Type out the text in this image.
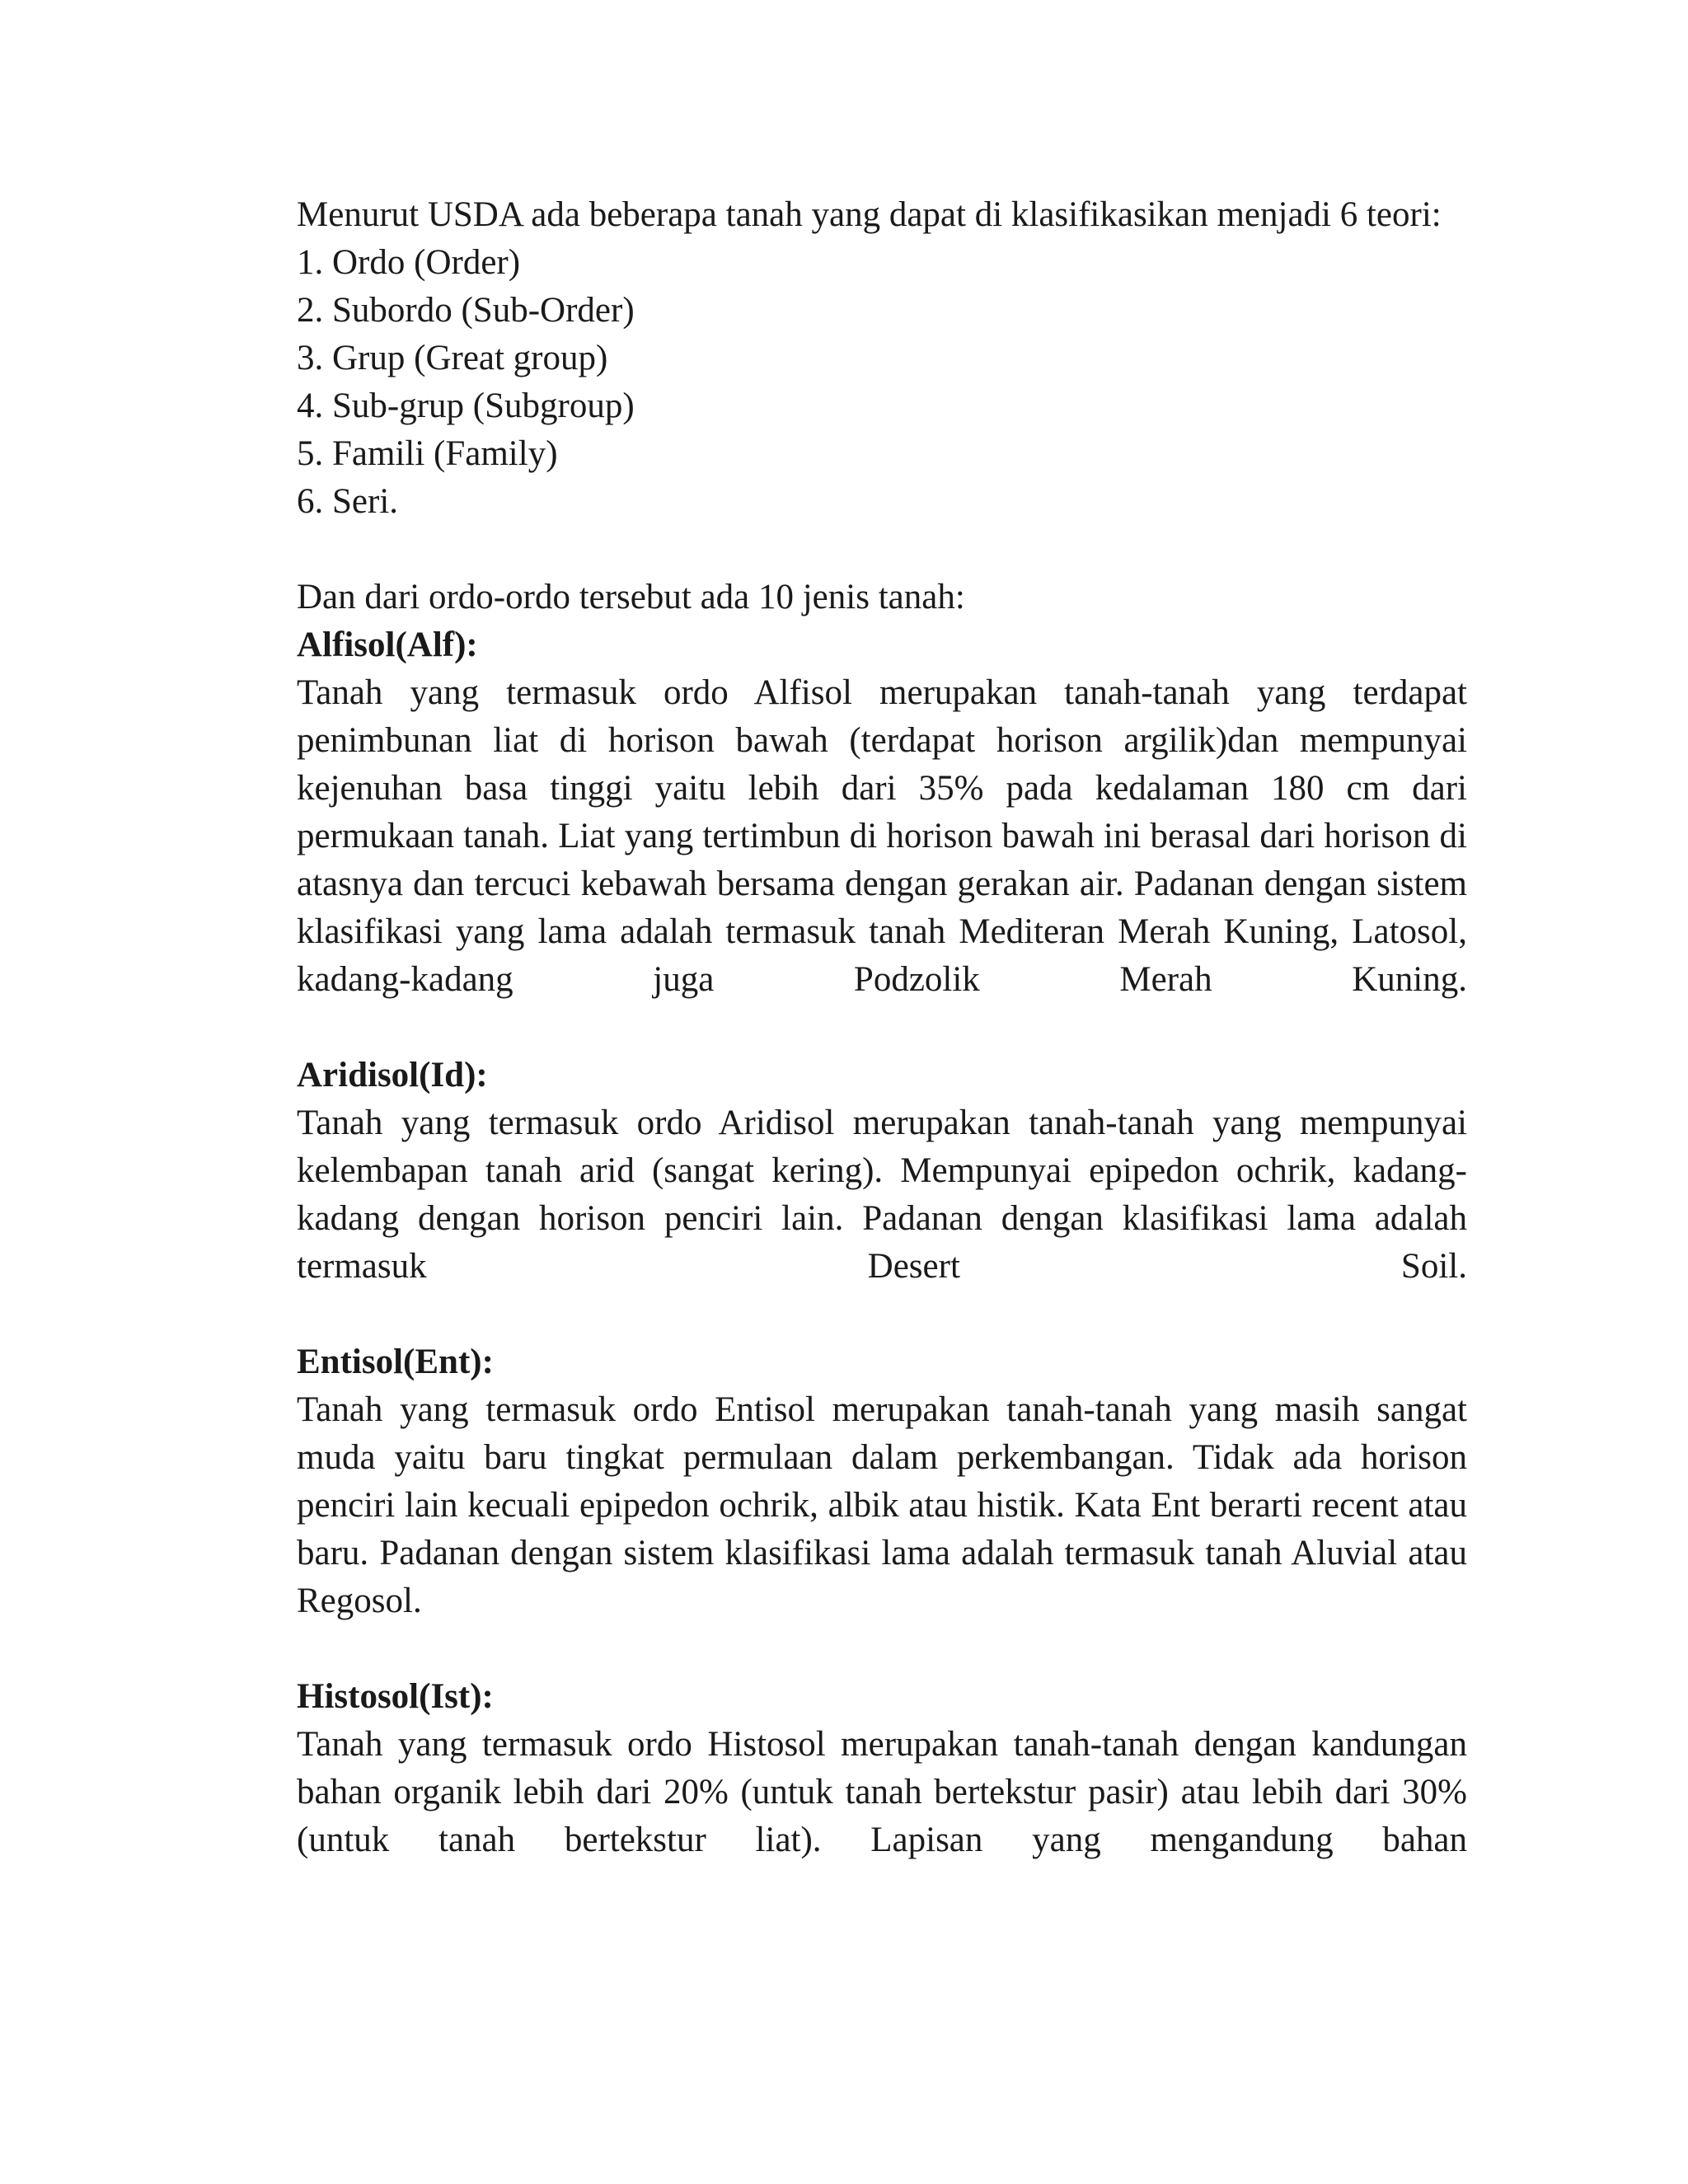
Menurut USDA ada beberapa tanah yang dapat di klasifikasikan menjadi 6 teori:

1. Ordo (Order)
2. Subordo (Sub-Order)
3. Grup (Great group)
4. Sub-grup (Subgroup)
5. Famili (Family)
6. Seri.

Dan dari ordo-ordo tersebut ada 10 jenis tanah:

Alfisol(Alf):

Tanah yang termasuk ordo Alfisol merupakan tanah-tanah yang terdapat penimbunan liat di horison bawah (terdapat horison argilik)dan mempunyai kejenuhan basa tinggi yaitu lebih dari 35% pada kedalaman 180 cm dari permukaan tanah. Liat yang tertimbun di horison bawah ini berasal dari horison di atasnya dan tercuci kebawah bersama dengan gerakan air. Padanan dengan sistem klasifikasi yang lama adalah termasuk tanah Mediteran Merah Kuning, Latosol, kadang-kadang juga Podzolik Merah Kuning.

Aridisol(Id):

Tanah yang termasuk ordo Aridisol merupakan tanah-tanah yang mempunyai kelembapan tanah arid (sangat kering). Mempunyai epipedon ochrik, kadang-kadang dengan horison penciri lain. Padanan dengan klasifikasi lama adalah termasuk Desert Soil.

Entisol(Ent):

Tanah yang termasuk ordo Entisol merupakan tanah-tanah yang masih sangat muda yaitu baru tingkat permulaan dalam perkembangan. Tidak ada horison penciri lain kecuali epipedon ochrik, albik atau histik. Kata Ent berarti recent atau baru. Padanan dengan sistem klasifikasi lama adalah termasuk tanah Aluvial atau Regosol.

Histosol(Ist):

Tanah yang termasuk ordo Histosol merupakan tanah-tanah dengan kandungan bahan organik lebih dari 20% (untuk tanah bertekstur pasir) atau lebih dari 30% (untuk tanah bertekstur liat). Lapisan yang mengandung bahan
